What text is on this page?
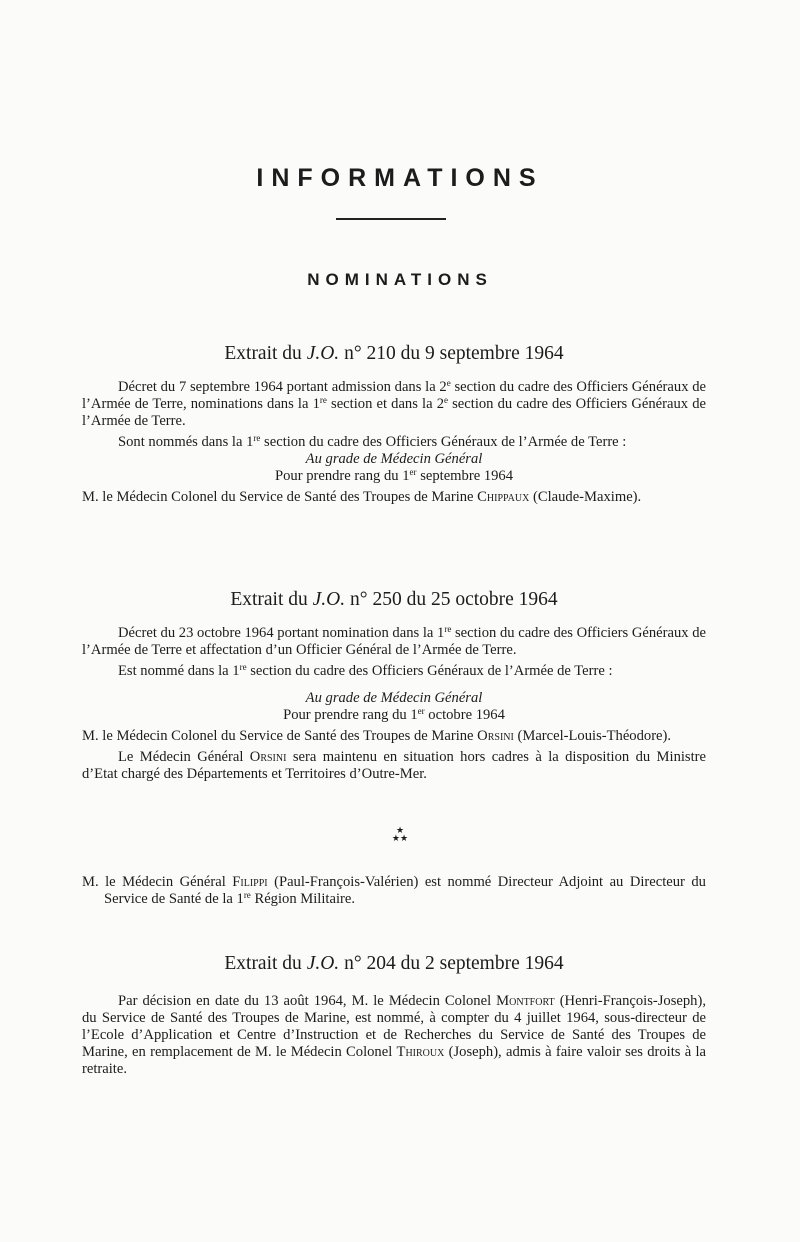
INFORMATIONS
NOMINATIONS

Extrait du J.O. n° 210 du 9 septembre 1964

Décret du 7 septembre 1964 portant admission dans la 2e section du cadre des Officiers Généraux de l’Armée de Terre, nominations dans la 1re section et dans la 2e section du cadre des Officiers Généraux de l’Armée de Terre.

Sont nommés dans la 1re section du cadre des Officiers Généraux de l’Armée de Terre :

Au grade de Médecin Général

Pour prendre rang du 1er septembre 1964

M. le Médecin Colonel du Service de Santé des Troupes de Marine Chippaux (Claude-Maxime).

Extrait du J.O. n° 250 du 25 octobre 1964

Décret du 23 octobre 1964 portant nomination dans la 1re section du cadre des Officiers Généraux de l’Armée de Terre et affectation d’un Officier Général de l’Armée de Terre.

Est nommé dans la 1re section du cadre des Officiers Généraux de l’Armée de Terre :

Au grade de Médecin Général

Pour prendre rang du 1er octobre 1964

M. le Médecin Colonel du Service de Santé des Troupes de Marine Orsini (Marcel-Louis-Théodore).

Le Médecin Général Orsini sera maintenu en situation hors cadres à la disposition du Ministre d’Etat chargé des Départements et Territoires d’Outre-Mer.

★
★★

M. le Médecin Général Filippi (Paul-François-Valérien) est nommé Directeur Adjoint au Directeur du Service de Santé de la 1re Région Militaire.

Extrait du J.O. n° 204 du 2 septembre 1964

Par décision en date du 13 août 1964, M. le Médecin Colonel Montfort (Henri-François-Joseph), du Service de Santé des Troupes de Marine, est nommé, à compter du 4 juillet 1964, sous-directeur de l’Ecole d’Application et Centre d’Instruction et de Recherches du Service de Santé des Troupes de Marine, en remplacement de M. le Médecin Colonel Thiroux (Joseph), admis à faire valoir ses droits à la retraite.
